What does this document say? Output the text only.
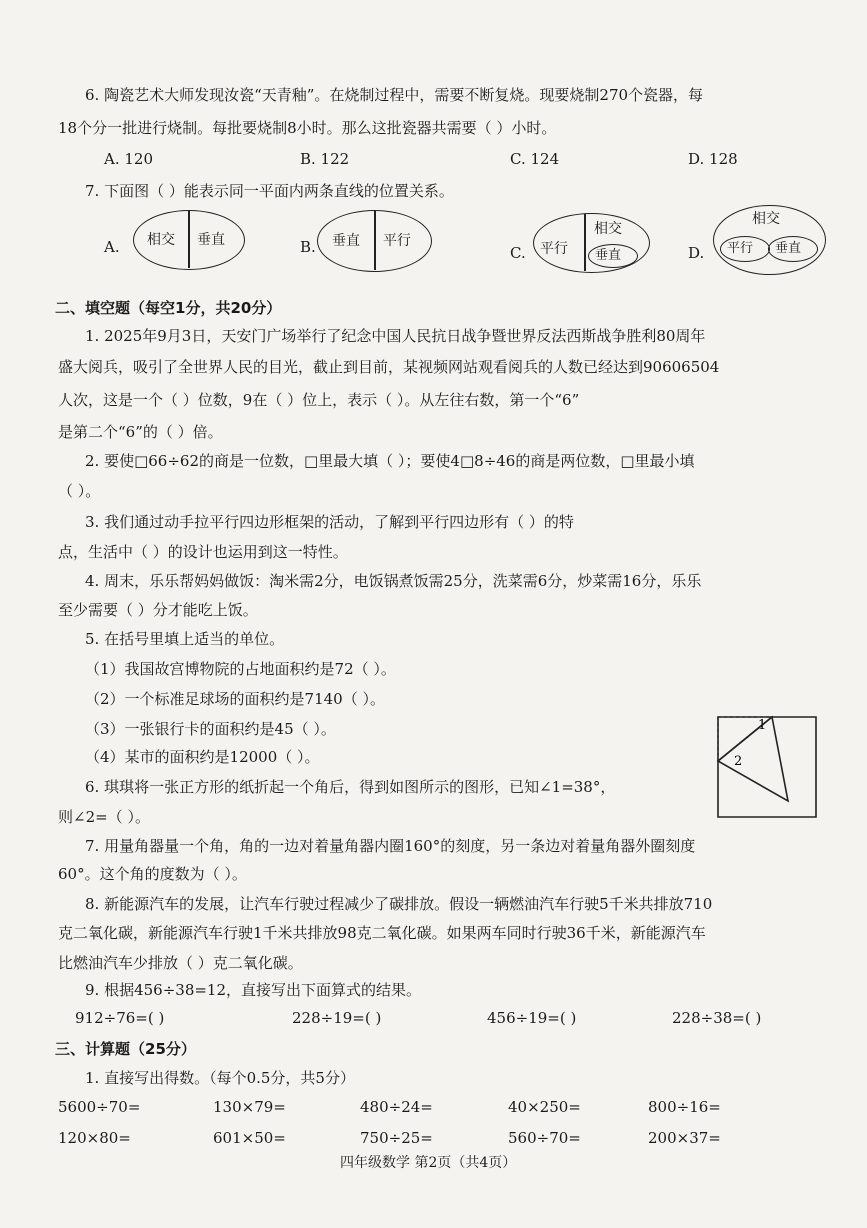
6. 陶瓷艺术大师发现汝瓷“天青釉”。在烧制过程中，需要不断复烧。现要烧制270个瓷器，每
18个分一批进行烧制。每批要烧制8小时。那么这批瓷器共需要（ ）小时。
A. 120	B. 122	C. 124	D. 128
7. 下面图（ ）能表示同一平面内两条直线的位置关系。
A. 相交 垂直	B. 垂直 平行
C. 平行
相交
垂直	D.
相交
平行 垂直
二、填空题（每空1分，共20分）
1. 2025年9月3日，天安门广场举行了纪念中国人民抗日战争暨世界反法西斯战争胜利80周年
盛大阅兵，吸引了全世界人民的目光，截止到目前，某视频网站观看阅兵的人数已经达到90606504
人次，这是一个（ ）位数，9在（ ）位上，表示（ ）。从左往右数，第一个“6”
是第二个“6”的（ ）倍。
2. 要使□66÷62的商是一位数，□里最大填（ ）；要使4□8÷46的商是两位数，□里最小填
（ ）。
3. 我们通过动手拉平行四边形框架的活动，了解到平行四边形有（ ）的特
点，生活中（ ）的设计也运用到这一特性。
4. 周末，乐乐帮妈妈做饭：淘米需2分，电饭锅煮饭需25分，洗菜需6分，炒菜需16分，乐乐
至少需要（ ）分才能吃上饭。
5. 在括号里填上适当的单位。
（1）我国故宫博物院的占地面积约是72（ ）。
（2）一个标准足球场的面积约是7140（ ）。
（3）一张银行卡的面积约是45（ ）。
（4）某市的面积约是12000（ ）。
6. 琪琪将一张正方形的纸折起一个角后，得到如图所示的图形，已知∠1=38°，
则∠2=（ ）。
1
2
7. 用量角器量一个角，角的一边对着量角器内圈160°的刻度，另一条边对着量角器外圈刻度
60°。这个角的度数为（ ）。
8. 新能源汽车的发展，让汽车行驶过程减少了碳排放。假设一辆燃油汽车行驶5千米共排放710
克二氧化碳，新能源汽车行驶1千米共排放98克二氧化碳。如果两车同时行驶36千米，新能源汽车
比燃油汽车少排放（ ）克二氧化碳。
9. 根据456÷38=12，直接写出下面算式的结果。
912÷76=( )	228÷19=( )	456÷19=( )	228÷38=( )
三、计算题（25分）
1. 直接写出得数。（每个0.5分，共5分）
5600÷70=	130×79=	480÷24=	40×250=	800÷16=
120×80=	601×50=	750÷25=	560÷70=	200×37=
四年级数学 第2页（共4页）
